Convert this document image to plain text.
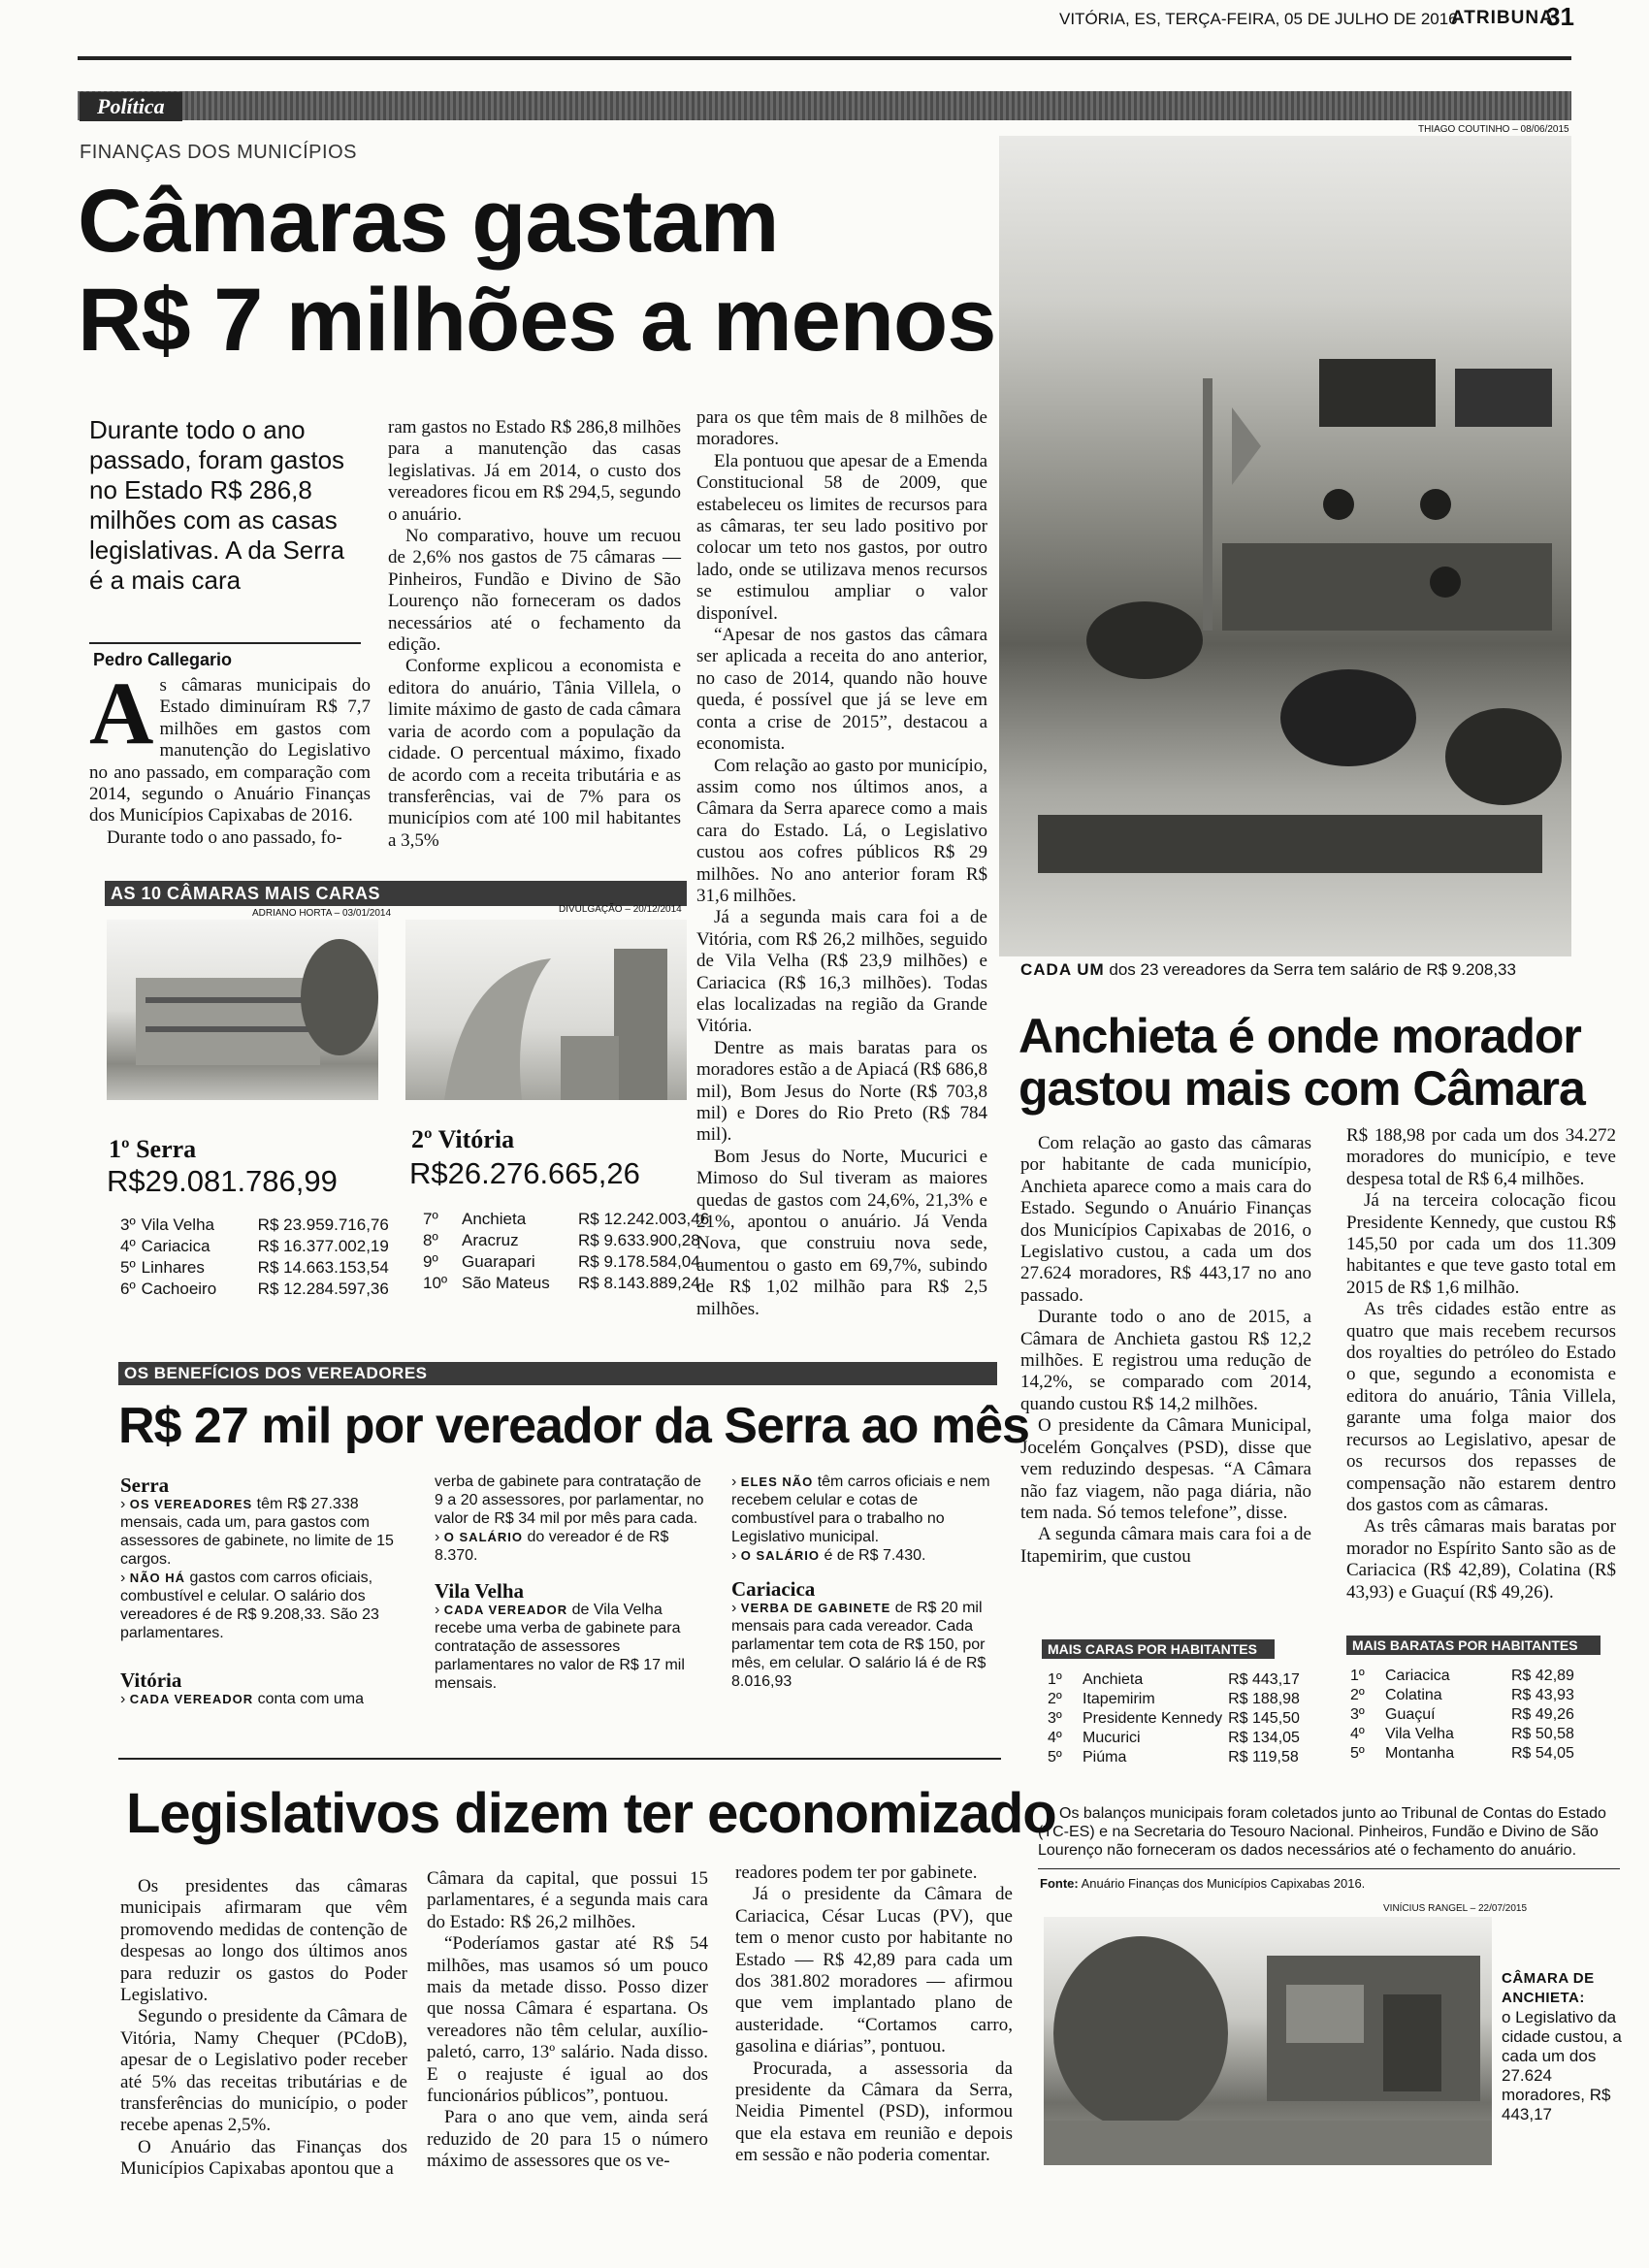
VITÓRIA, ES, TERÇA-FEIRA, 05 DE JULHO DE 2016
ATRIBUNA
31
Política
THIAGO COUTINHO – 08/06/2015
FINANÇAS DOS MUNICÍPIOS
Câmaras gastam
R$ 7 milhões a menos
Durante todo o ano passado, foram gastos no Estado R$ 286,8 milhões com as casas legislativas. A da Serra é a mais cara
Pedro Callegario

As câmaras municipais do Estado diminuíram R$ 7,7 milhões em gastos com manutenção do Legislativo no ano passado, em comparação com 2014, segundo o Anuário Finanças dos Municípios Capixabas de 2016.

Durante todo o ano passado, fo-

ram gastos no Estado R$ 286,8 milhões para a manutenção das casas legislativas. Já em 2014, o custo dos vereadores ficou em R$ 294,5, segundo o anuário.

No comparativo, houve um recuou de 2,6% nos gastos de 75 câmaras — Pinheiros, Fundão e Divino de São Lourenço não forneceram os dados necessários até o fechamento da edição.

Conforme explicou a economista e editora do anuário, Tânia Villela, o limite máximo de gasto de cada câmara varia de acordo com a população da cidade. O percentual máximo, fixado de acordo com a receita tributária e as transferências, vai de 7% para os municípios com até 100 mil habitantes a 3,5%

para os que têm mais de 8 milhões de moradores.

Ela pontuou que apesar de a Emenda Constitucional 58 de 2009, que estabeleceu os limites de recursos para as câmaras, ter seu lado positivo por colocar um teto nos gastos, por outro lado, onde se utilizava menos recursos se estimulou ampliar o valor disponível.

“Apesar de nos gastos das câmara ser aplicada a receita do ano anterior, no caso de 2014, quando não houve queda, é possível que já se leve em conta a crise de 2015”, destacou a economista.

Com relação ao gasto por município, assim como nos últimos anos, a Câmara da Serra aparece como a mais cara do Estado. Lá, o Legislativo custou aos cofres públicos R$ 29 milhões. No ano anterior foram R$ 31,6 milhões.

Já a segunda mais cara foi a de Vitória, com R$ 26,2 milhões, seguido de Vila Velha (R$ 23,9 milhões) e Cariacica (R$ 16,3 milhões). Todas elas localizadas na região da Grande Vitória.

Dentre as mais baratas para os moradores estão a de Apiacá (R$ 686,8 mil), Bom Jesus do Norte (R$ 703,8 mil) e Dores do Rio Preto (R$ 784 mil).

Bom Jesus do Norte, Mucurici e Mimoso do Sul tiveram as maiores quedas de gastos com 24,6%, 21,3% e 21%, apontou o anuário. Já Venda Nova, que construiu nova sede, aumentou o gasto em 69,7%, subindo de R$ 1,02 milhão para R$ 2,5 milhões.

CADA UM dos 23 vereadores da Serra tem salário de R$ 9.208,33
AS 10 CÂMARAS MAIS CARAS
ADRIANO HORTA – 03/01/2014	DIVULGAÇÃO – 20/12/2014
1º Serra
R$29.081.786,99
2º Vitória
R$26.276.665,26
3º	Vila Velha	R$ 23.959.716,76
4º	Cariacica	R$ 16.377.002,19
5º	Linhares	R$ 14.663.153,54
6º	Cachoeiro	R$ 12.284.597,36
7º	Anchieta	R$ 12.242.003,46
8º	Aracruz	R$ 9.633.900,28
9º	Guarapari	R$ 9.178.584,04
10º	São Mateus	R$ 8.143.889,24
Anchieta é onde morador
gastou mais com Câmara

Com relação ao gasto das câmaras por habitante de cada município, Anchieta aparece como a mais cara do Estado. Segundo o Anuário Finanças dos Municípios Capixabas de 2016, o Legislativo custou, a cada um dos 27.624 moradores, R$ 443,17 no ano passado.

Durante todo o ano de 2015, a Câmara de Anchieta gastou R$ 12,2 milhões. E registrou uma redução de 14,2%, se comparado com 2014, quando custou R$ 14,2 milhões.

O presidente da Câmara Municipal, Jocelém Gonçalves (PSD), disse que vem reduzindo despesas. “A Câmara não faz viagem, não paga diária, não tem nada. Só temos telefone”, disse.

A segunda câmara mais cara foi a de Itapemirim, que custou

R$ 188,98 por cada um dos 34.272 moradores do município, e teve despesa total de R$ 6,4 milhões.

Já na terceira colocação ficou Presidente Kennedy, que custou R$ 145,50 por cada um dos 11.309 habitantes e que teve gasto total em 2015 de R$ 1,6 milhão.

As três cidades estão entre as quatro que mais recebem recursos dos royalties do petróleo do Estado o que, segundo a economista e editora do anuário, Tânia Villela, garante uma folga maior dos recursos ao Legislativo, apesar de os recursos dos repasses de compensação não estarem dentro dos gastos com as câmaras.

As três câmaras mais baratas por morador no Espírito Santo são as de Cariacica (R$ 42,89), Colatina (R$ 43,93) e Guaçuí (R$ 49,26).

MAIS CARAS POR HABITANTES
1º	Anchieta	R$ 443,17
2º	Itapemirim	R$ 188,98
3º	Presidente Kennedy	R$ 145,50
4º	Mucurici	R$ 134,05
5º	Piúma	R$ 119,58
MAIS BARATAS POR HABITANTES
1º	Cariacica	R$ 42,89
2º	Colatina	R$ 43,93
3º	Guaçuí	R$ 49,26
4º	Vila Velha	R$ 50,58
5º	Montanha	R$ 54,05
Os balanços municipais foram coletados junto ao Tribunal de Contas do Estado (TC-ES) e na Secretaria do Tesouro Nacional. Pinheiros, Fundão e Divino de São Lourenço não forneceram os dados necessários até o fechamento do anuário.
Fonte: Anuário Finanças dos Municípios Capixabas 2016.
OS BENEFÍCIOS DOS VEREADORES
R$ 27 mil por vereador da Serra ao mês
Serra

› OS VEREADORES têm R$ 27.338 mensais, cada um, para gastos com assessores de gabinete, no limite de 15 cargos.

› NÃO HÁ gastos com carros oficiais, combustível e celular. O salário dos vereadores é de R$ 9.208,33. São 23 parlamentares.

Vitória

› CADA VEREADOR conta com uma

verba de gabinete para contratação de 9 a 20 assessores, por parlamentar, no valor de R$ 34 mil por mês para cada.

› O SALÁRIO do vereador é de R$ 8.370.

Vila Velha

› CADA VEREADOR de Vila Velha recebe uma verba de gabinete para contratação de assessores parlamentares no valor de R$ 17 mil mensais.

› ELES NÃO têm carros oficiais e nem recebem celular e cotas de combustível para o trabalho no Legislativo municipal.

› O SALÁRIO é de R$ 7.430.

Cariacica

› VERBA DE GABINETE de R$ 20 mil mensais para cada vereador. Cada parlamentar tem cota de R$ 150, por mês, em celular. O salário lá é de R$ 8.016,93

Legislativos dizem ter economizado

Os presidentes das câmaras municipais afirmaram que vêm promovendo medidas de contenção de despesas ao longo dos últimos anos para reduzir os gastos do Poder Legislativo.

Segundo o presidente da Câmara de Vitória, Namy Chequer (PCdoB), apesar de o Legislativo poder receber até 5% das receitas tributárias e de transferências do município, o poder recebe apenas 2,5%.

O Anuário das Finanças dos Municípios Capixabas apontou que a

Câmara da capital, que possui 15 parlamentares, é a segunda mais cara do Estado: R$ 26,2 milhões.

“Poderíamos gastar até R$ 54 milhões, mas usamos só um pouco mais da metade disso. Posso dizer que nossa Câmara é espartana. Os vereadores não têm celular, auxílio-paletó, carro, 13º salário. Nada disso. E o reajuste é igual ao dos funcionários públicos”, pontuou.

Para o ano que vem, ainda será reduzido de 20 para 15 o número máximo de assessores que os ve-

readores podem ter por gabinete.

Já o presidente da Câmara de Cariacica, César Lucas (PV), que tem o menor custo por habitante no Estado — R$ 42,89 para cada um dos 381.802 moradores — afirmou que vem implantado plano de austeridade. “Cortamos carro, gasolina e diárias”, pontuou.

Procurada, a assessoria da presidente da Câmara da Serra, Neidia Pimentel (PSD), informou que ela estava em reunião e depois em sessão e não poderia comentar.

VINÍCIUS RANGEL – 22/07/2015
CÂMARA DE ANCHIETA:
o Legislativo da cidade custou, a cada um dos 27.624 moradores, R$ 443,17
